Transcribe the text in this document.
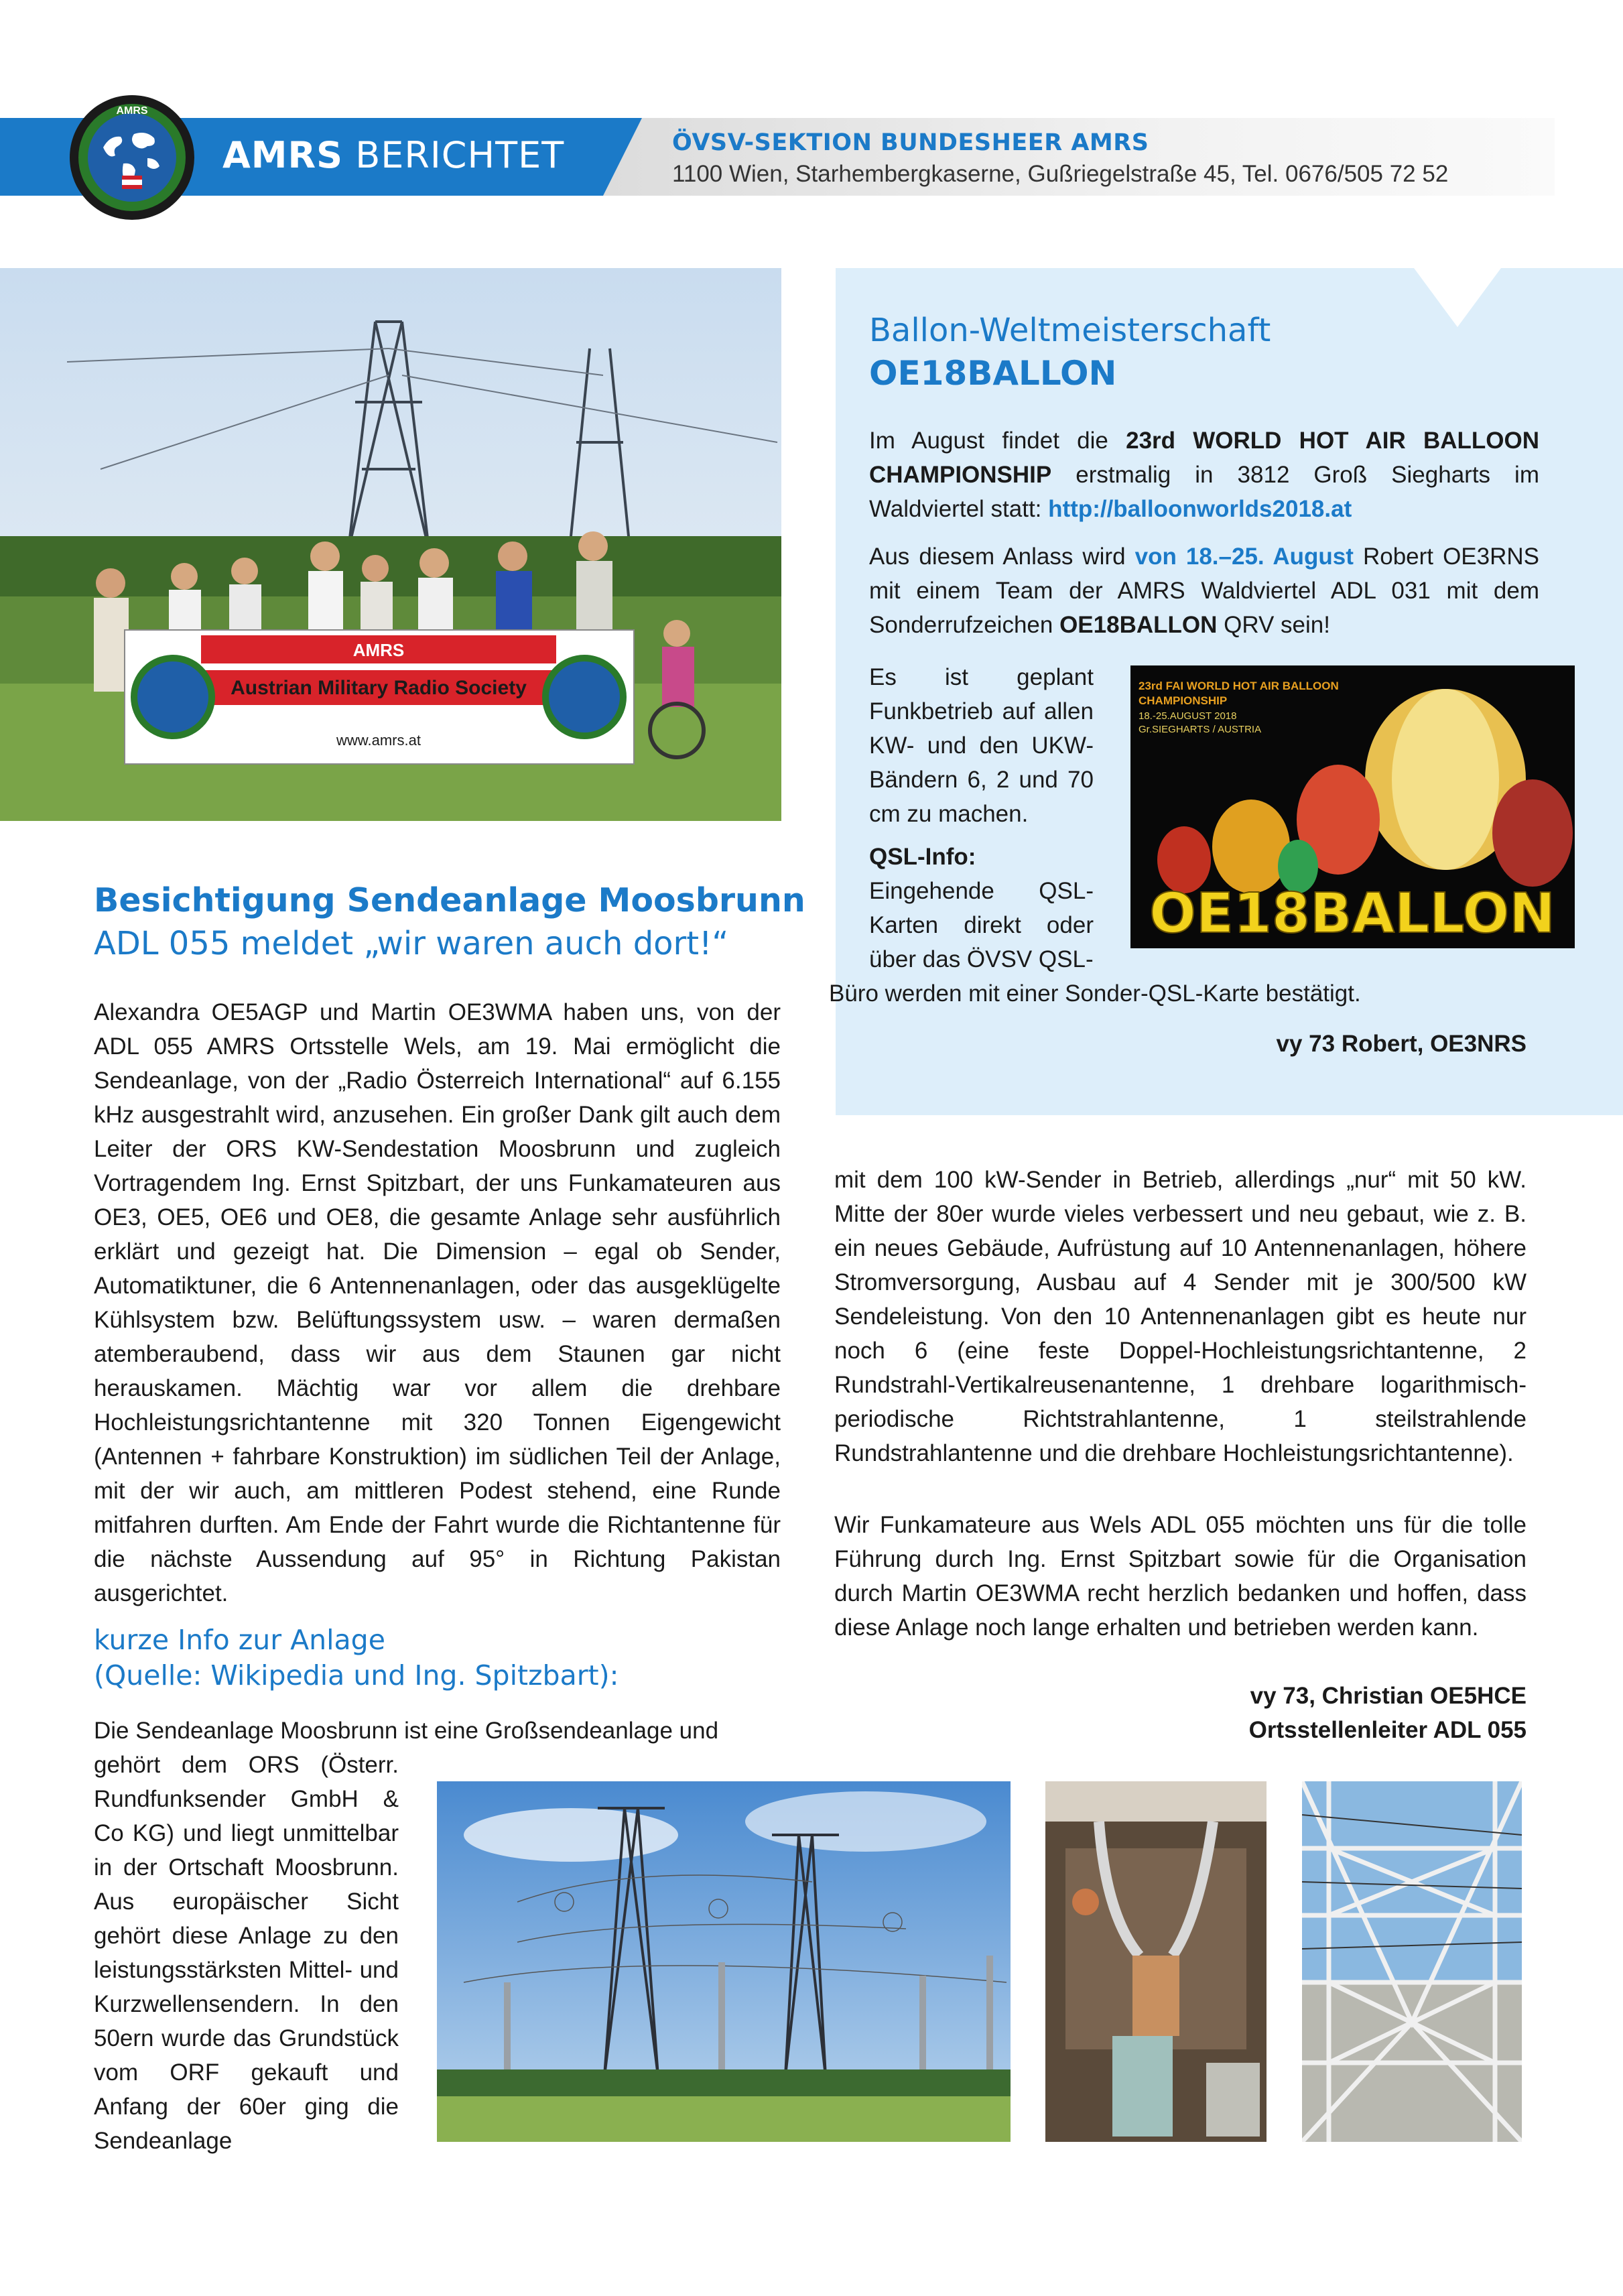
AMRS
AMRS BERICHTET	ÖVSV-SEKTION BUNDESHEER AMRS
1100 Wien, Starhembergkaserne, Gußriegelstraße 45, Tel. 0676/505 72 52
AMRS
Austrian Military Radio Society
www.amrs.at
Ballon-Weltmeisterschaft
OE18BALLON

Im August findet die 23rd WORLD HOT AIR BALLOON CHAMPIONSHIP erstmalig in 3812 Groß Siegharts im Waldviertel statt: http://balloonworlds2018.at

Aus diesem Anlass wird von 18.–25. August Robert OE3RNS mit einem Team der AMRS Waldviertel ADL 031 mit dem Sonderrufzeichen OE18BALLON QRV sein!

Es ist geplant Funkbetrieb auf allen KW- und den UKW-Bändern 6, 2 und 70 cm zu machen.

QSL-Info: Eingehende QSL-Karten direkt oder über das ÖVSV QSL-

Büro werden mit einer Sonder-QSL-Karte bestätigt.

vy 73 Robert, OE3NRS

23rd FAI WORLD HOT AIR BALLOON
CHAMPIONSHIP
18.-25.AUGUST 2018
Gr.SIEGHARTS / AUSTRIA
OE18BALLON
Besichtigung Sendeanlage Moosbrunn
ADL 055 meldet „wir waren auch dort!“

Alexandra OE5AGP und Martin OE3WMA haben uns, von der ADL 055 AMRS Ortsstelle Wels, am 19. Mai ermöglicht die Sendeanlage, von der „Radio Österreich International“ auf 6.155 kHz ausgestrahlt wird, anzusehen. Ein großer Dank gilt auch dem Leiter der ORS KW-Sendestation Moosbrunn und zugleich Vortragendem Ing. Ernst Spitzbart, der uns Funkamateuren aus OE3, OE5, OE6 und OE8, die gesamte Anlage sehr ausführlich erklärt und gezeigt hat. Die Dimension – egal ob Sender, Automatiktuner, die 6 Antennenanlagen, oder das ausgeklügelte Kühlsystem bzw. Belüftungssystem usw. – waren dermaßen atemberaubend, dass wir aus dem Staunen gar nicht herauskamen. Mächtig war vor allem die drehbare Hochleistungsrichtantenne mit 320 Tonnen Eigengewicht (Antennen + fahrbare Konstruktion) im südlichen Teil der Anlage, mit der wir auch, am mittleren Podest stehend, eine Runde mitfahren durften. Am Ende der Fahrt wurde die Richtantenne für die nächste Aussendung auf 95° in Richtung Pakistan ausgerichtet.

kurze Info zur Anlage
(Quelle: Wikipedia und Ing. Spitzbart):

Die Sendeanlage Moosbrunn ist eine Großsendeanlage und

gehört dem ORS (Österr. Rundfunksender GmbH & Co KG) und liegt unmittelbar in der Ortschaft Moosbrunn. Aus europäischer Sicht gehört diese Anlage zu den leistungsstärksten Mittel- und Kurzwellensendern. In den 50ern wurde das Grundstück vom ORF gekauft und Anfang der 60er ging die Sendeanlage

mit dem 100 kW-Sender in Betrieb, allerdings „nur“ mit 50 kW. Mitte der 80er wurde vieles verbessert und neu gebaut, wie z. B. ein neues Gebäude, Aufrüstung auf 10 Antennenanlagen, höhere Stromversorgung, Ausbau auf 4 Sender mit je 300/500 kW Sendeleistung. Von den 10 Antennenanlagen gibt es heute nur noch 6 (eine feste Doppel-Hochleistungsrichtantenne, 2 Rundstrahl-Vertikalreusenantenne, 1 drehbare logarithmisch-periodische Richtstrahlantenne, 1 steilstrahlende Rundstrahlantenne und die drehbare Hochleistungsrichtantenne).

Wir Funkamateure aus Wels ADL 055 möchten uns für die tolle Führung durch Ing. Ernst Spitzbart sowie für die Organisation durch Martin OE3WMA recht herzlich bedanken und hoffen, dass diese Anlage noch lange erhalten und betrieben werden kann.

vy 73, Christian OE5HCE

Ortsstellenleiter ADL 055
